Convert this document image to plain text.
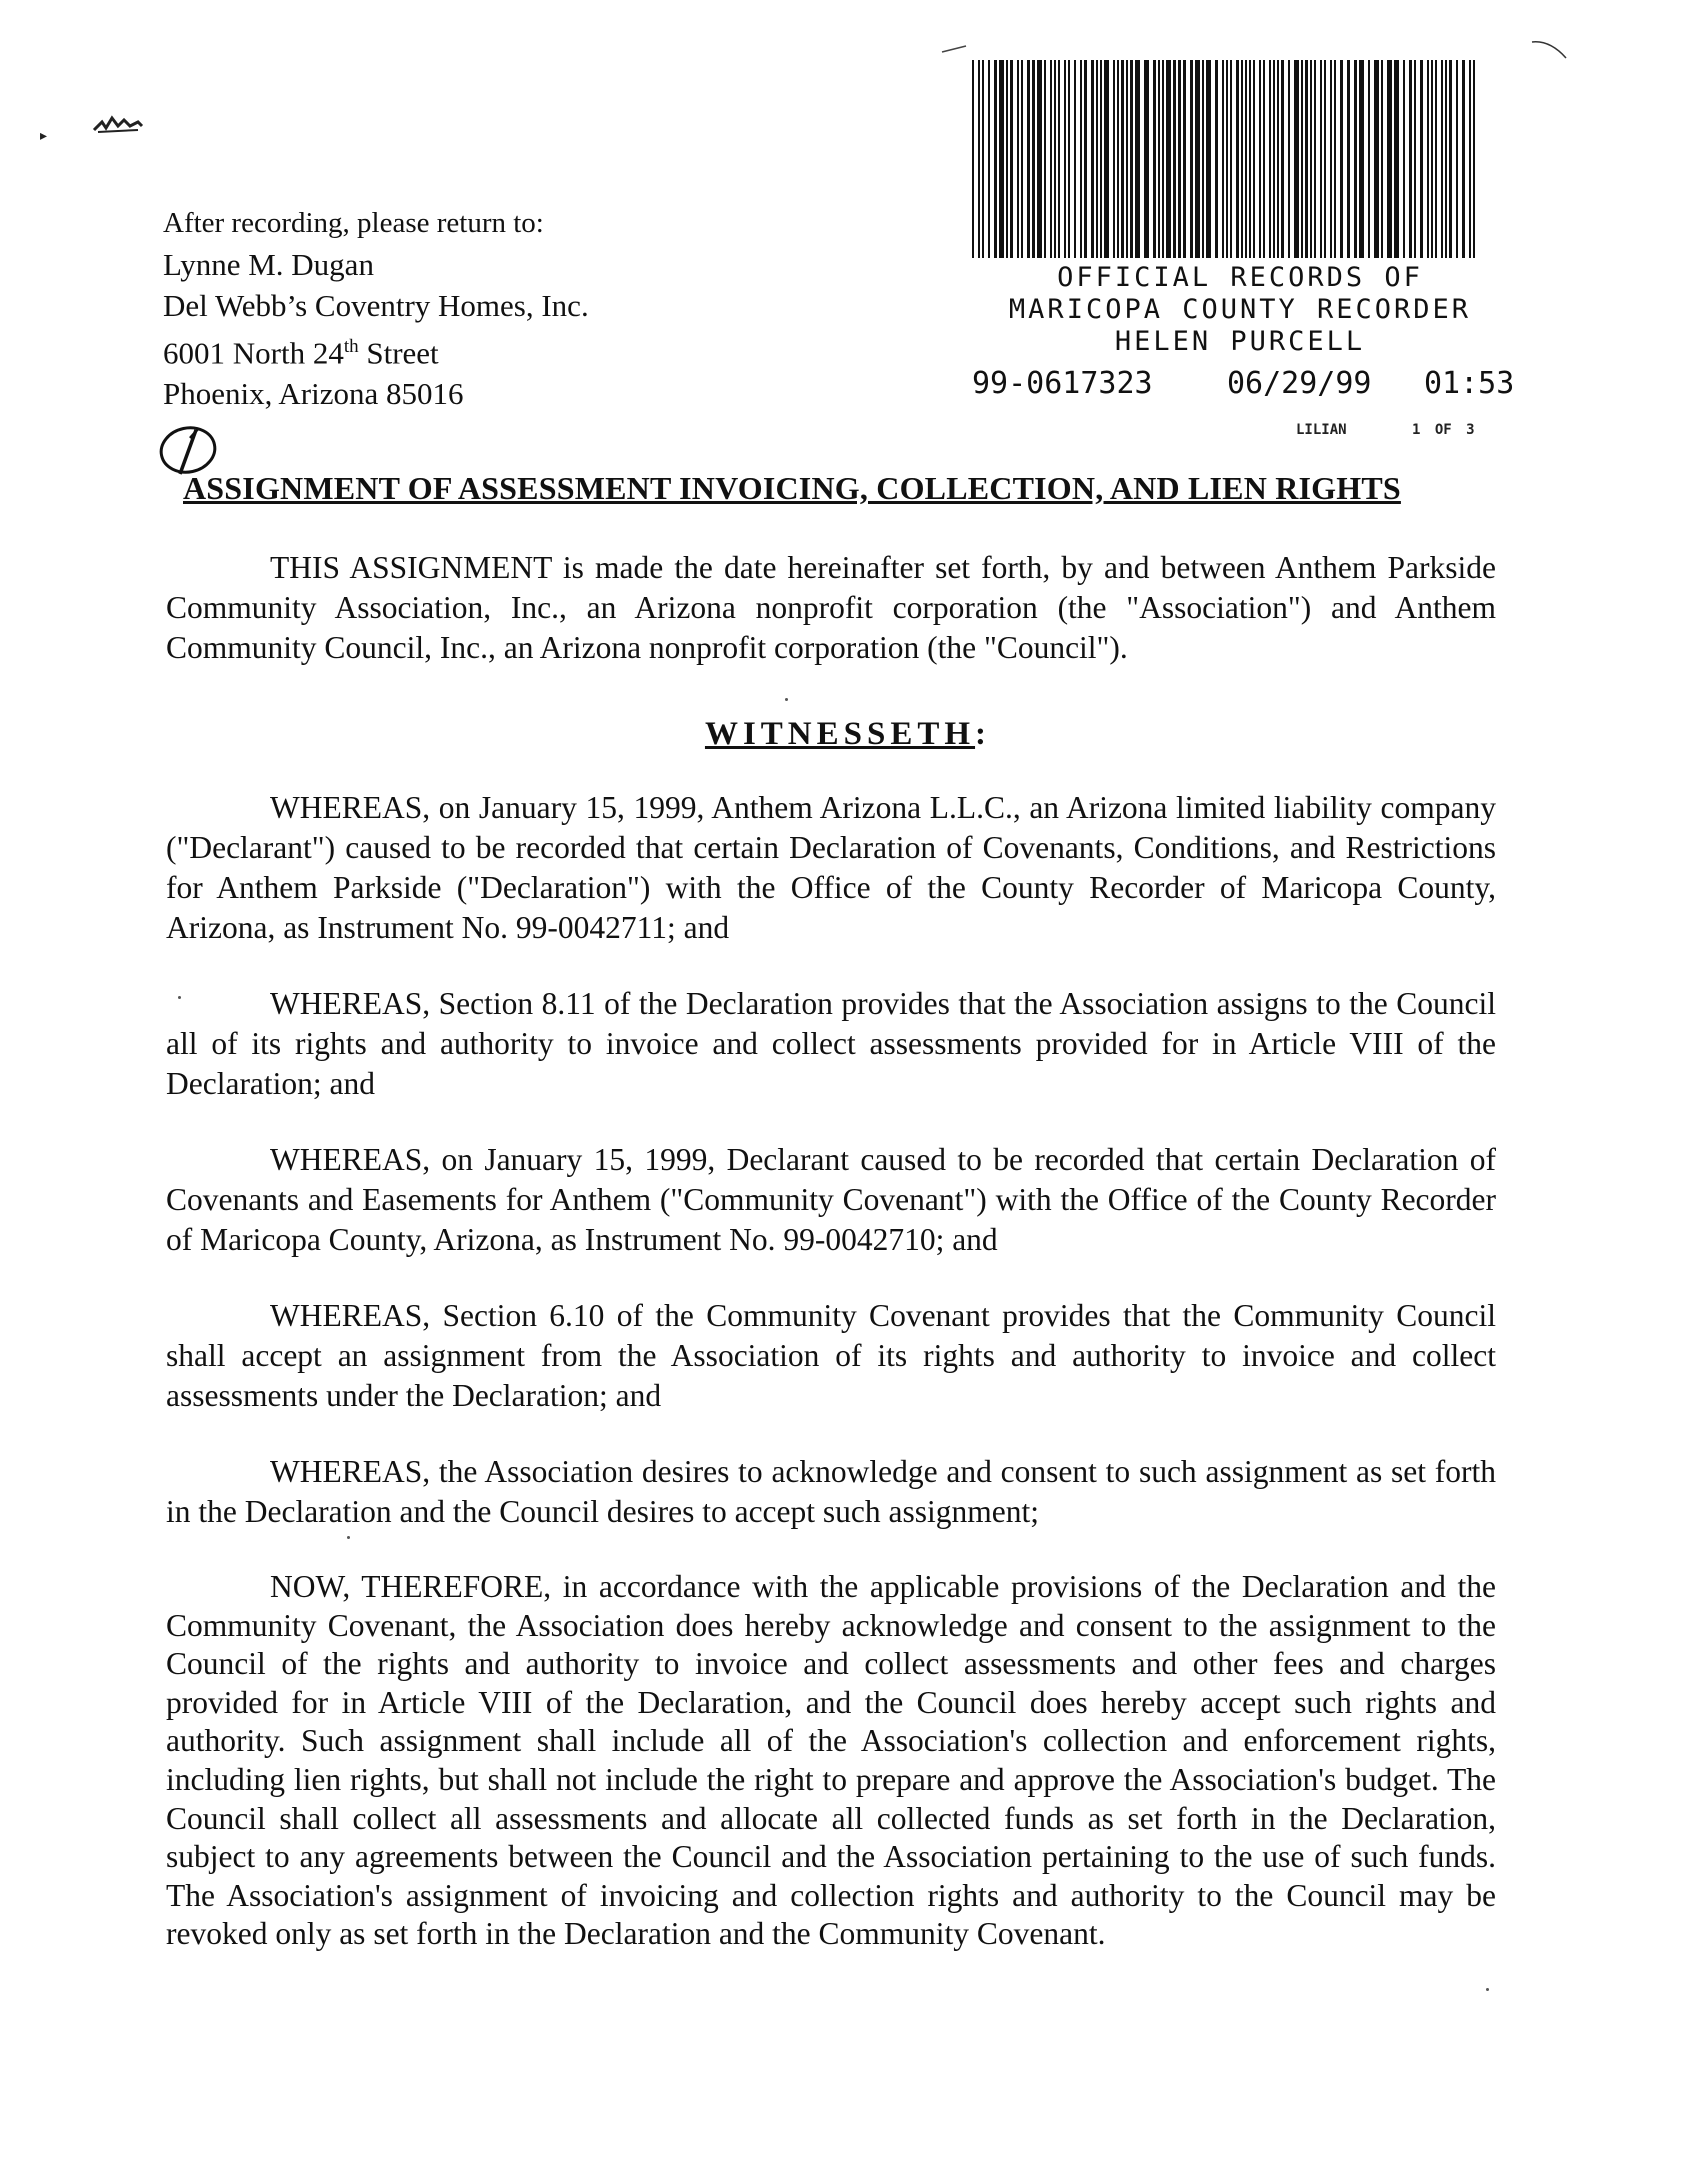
▸
After recording, please return to:
Lynne M. Dugan
Del Webb’s Coventry Homes, Inc.
6001 North 24th Street
Phoenix, Arizona 85016
OFFICIAL RECORDS OF
MARICOPA COUNTY RECORDER
HELEN PURCELL
99-0617323 06/29/99 01:53
LILIAN	1 OF 3
ASSIGNMENT OF ASSESSMENT INVOICING, COLLECTION, AND LIEN RIGHTS
THIS ASSIGNMENT is made the date hereinafter set forth, by and between Anthem Parkside Community Association, Inc., an Arizona nonprofit corporation (the "Association") and Anthem Community Council, Inc., an Arizona nonprofit corporation (the "Council").
WITNESSETH:
WHEREAS, on January 15, 1999, Anthem Arizona L.L.C., an Arizona limited liability company ("Declarant") caused to be recorded that certain Declaration of Covenants, Conditions, and Restrictions for Anthem Parkside ("Declaration") with the Office of the County Recorder of Maricopa County, Arizona, as Instrument No. 99-0042711; and
WHEREAS, Section 8.11 of the Declaration provides that the Association assigns to the Council all of its rights and authority to invoice and collect assessments provided for in Article VIII of the Declaration; and
WHEREAS, on January 15, 1999, Declarant caused to be recorded that certain Declaration of Covenants and Easements for Anthem ("Community Covenant") with the Office of the County Recorder of Maricopa County, Arizona, as Instrument No. 99-0042710; and
WHEREAS, Section 6.10 of the Community Covenant provides that the Community Council shall accept an assignment from the Association of its rights and authority to invoice and collect assessments under the Declaration; and
WHEREAS, the Association desires to acknowledge and consent to such assignment as set forth in the Declaration and the Council desires to accept such assignment;
NOW, THEREFORE, in accordance with the applicable provisions of the Declaration and the Community Covenant, the Association does hereby acknowledge and consent to the assignment to the Council of the rights and authority to invoice and collect assessments and other fees and charges provided for in Article VIII of the Declaration, and the Council does hereby accept such rights and authority. Such assignment shall include all of the Association's collection and enforcement rights, including lien rights, but shall not include the right to prepare and approve the Association's budget. The Council shall collect all assessments and allocate all collected funds as set forth in the Declaration, subject to any agreements between the Council and the Association pertaining to the use of such funds. The Association's assignment of invoicing and collection rights and authority to the Council may be revoked only as set forth in the Declaration and the Community Covenant.
